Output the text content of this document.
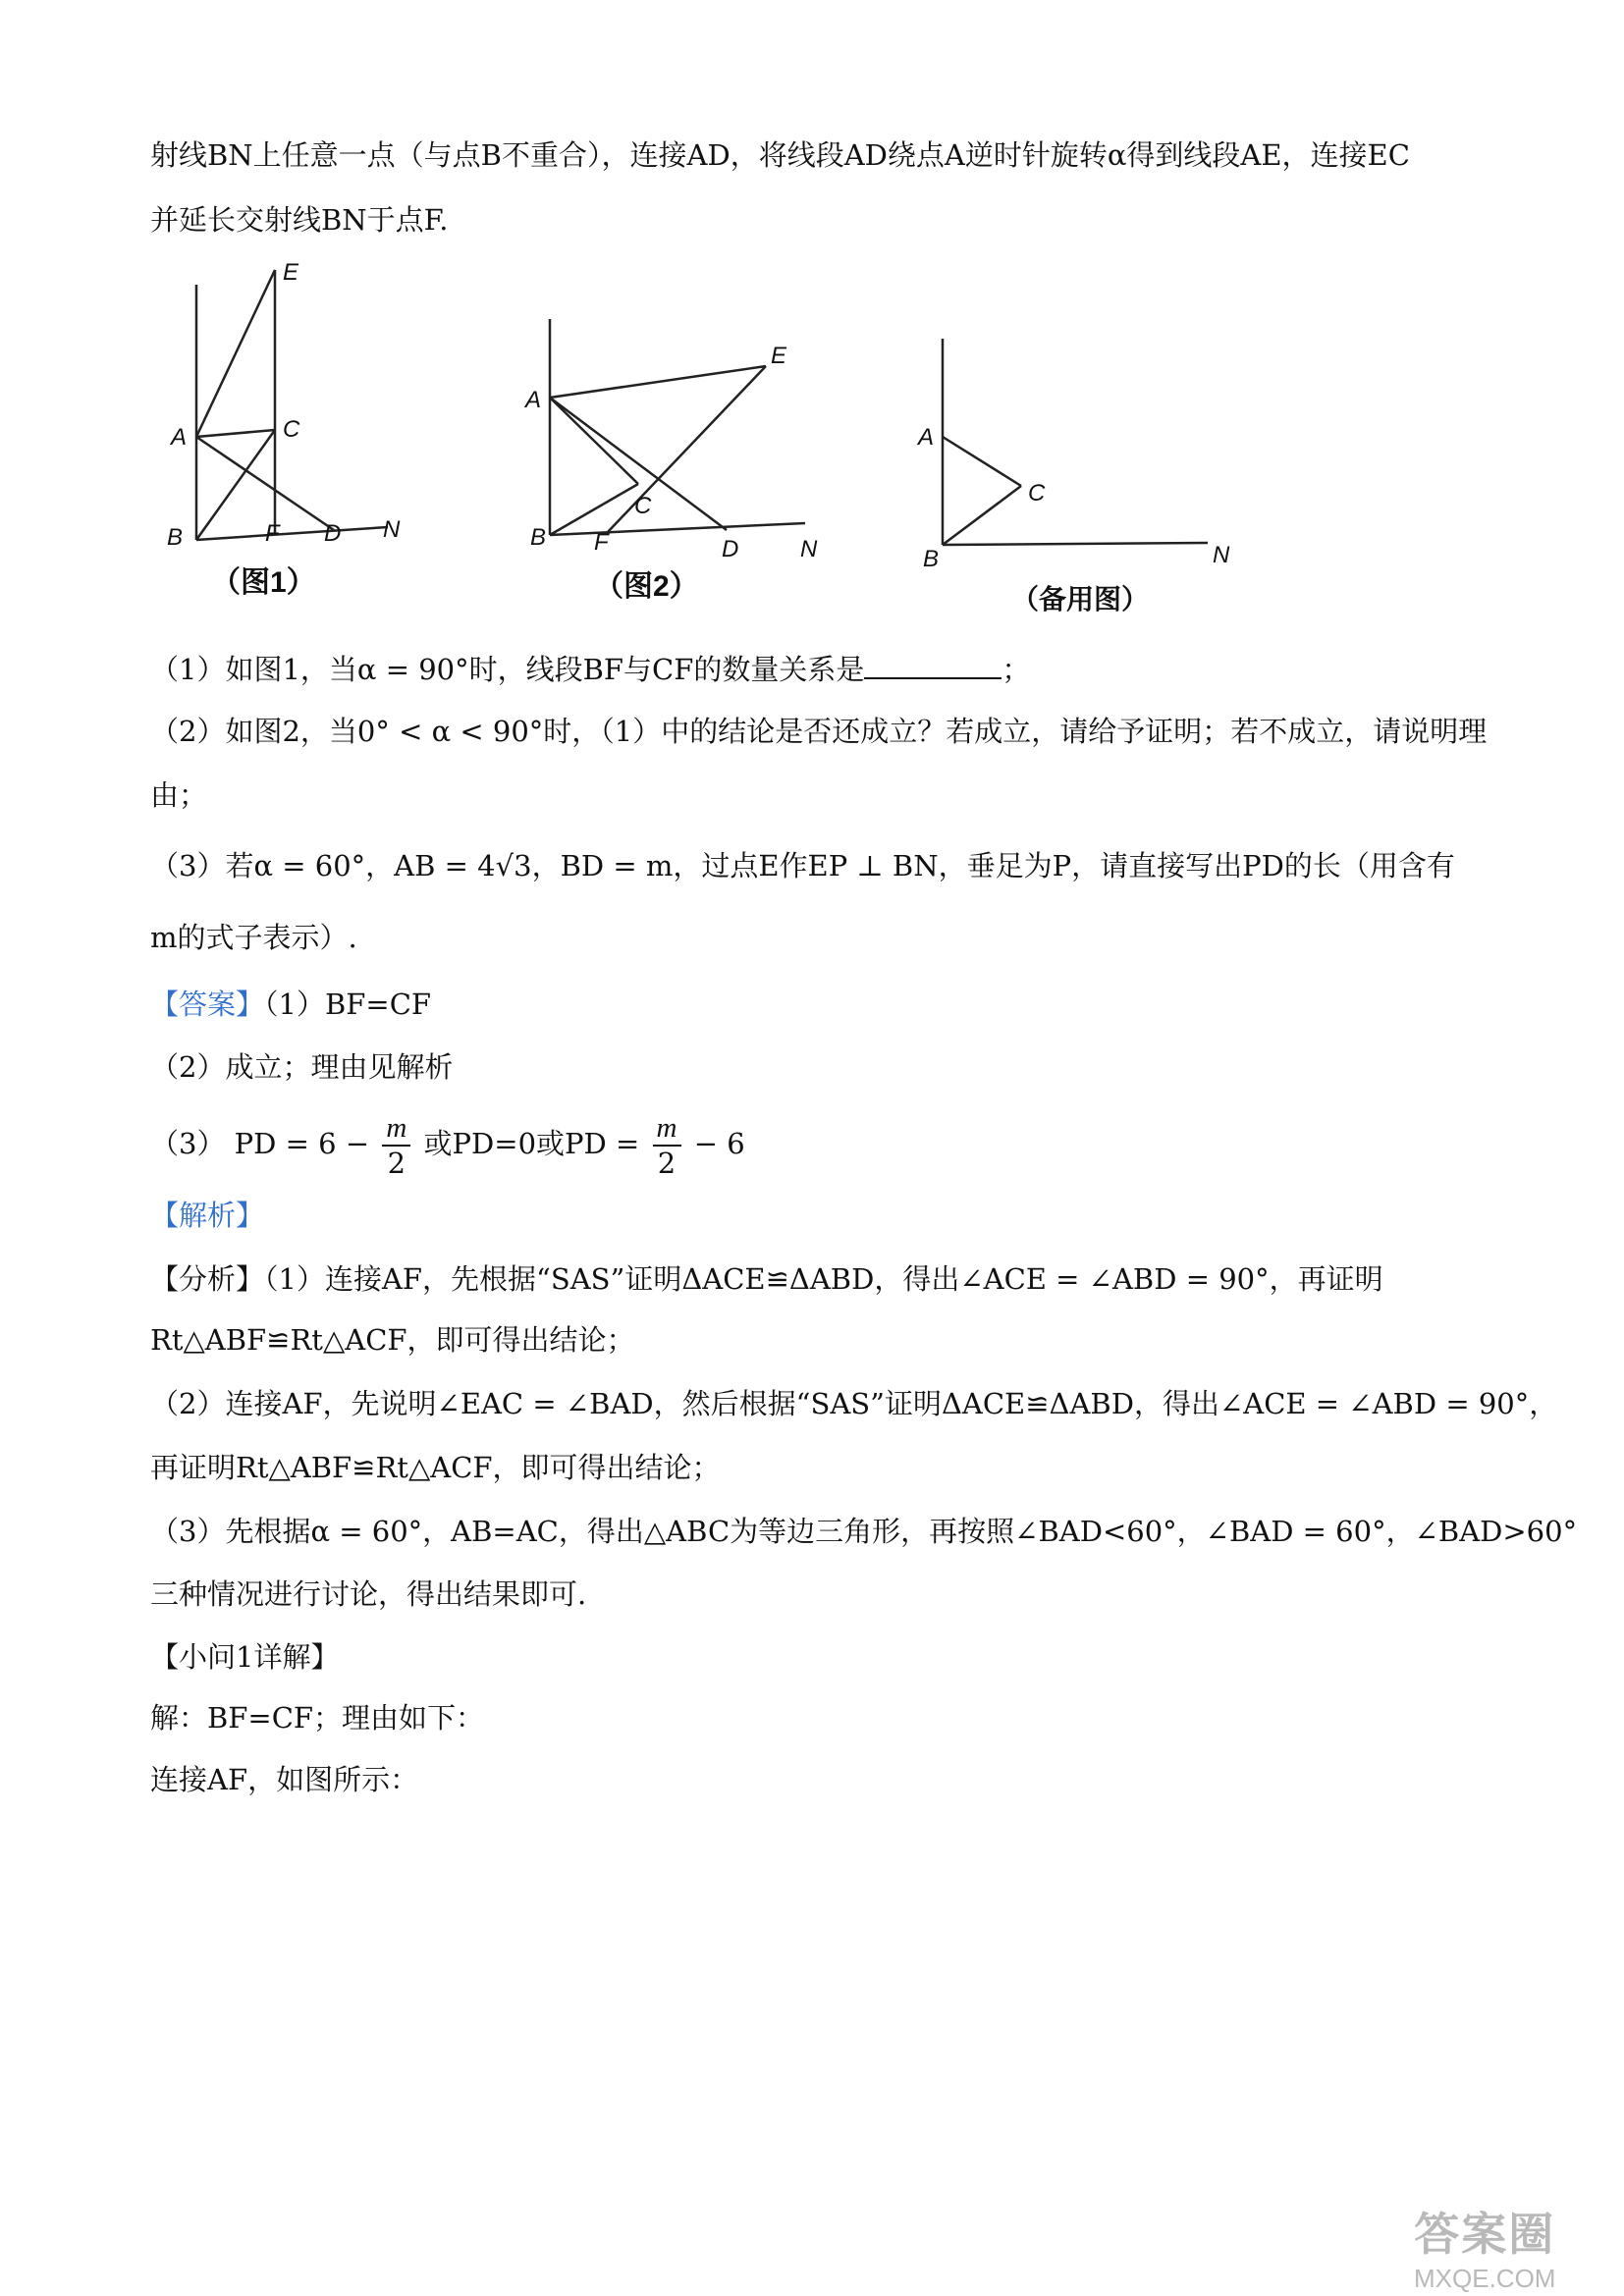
射线BN上任意一点（与点B不重合），连接AD，将线段AD绕点A逆时针旋转α得到线段AE，连接EC
并延长交射线BN于点F.
E
A	C
B	F D N
（图1）
E
A
C
B F	D	N
（图2）
A
C
B	N
（备用图）
（1）如图1，当α = 90°时，线段BF与CF的数量关系是	；
（2）如图2，当0° < α < 90°时，（1）中的结论是否还成立？若成立，请给予证明；若不成立，请说明理
由；
（3）若α = 60°，AB = 4√3，BD = m，过点E作EP ⊥ BN，垂足为P，请直接写出PD的长（用含有
m的式子表示）.
【答案】（1）BF=CF
（2）成立；理由见解析
（3） PD = $6 - \frac{m}{2}$ 或PD=0或PD = $\frac{m}{2} - 6$
【解析】
【分析】（1）连接AF，先根据“SAS”证明ΔACE≌ΔABD，得出∠ACE = ∠ABD = 90°，再证明
Rt△ABF≌Rt△ACF，即可得出结论；
（2）连接AF，先说明∠EAC = ∠BAD，然后根据“SAS”证明ΔACE≌ΔABD，得出∠ACE = ∠ABD = 90°，
再证明Rt△ABF≌Rt△ACF，即可得出结论；
（3）先根据α = 60°，AB=AC，得出△ABC为等边三角形，再按照∠BAD<60°，∠BAD = 60°，∠BAD>60°
三种情况进行讨论，得出结果即可.
【小问1详解】
解：BF=CF；理由如下：
连接AF，如图所示：
答案圈
MXQE.COM
